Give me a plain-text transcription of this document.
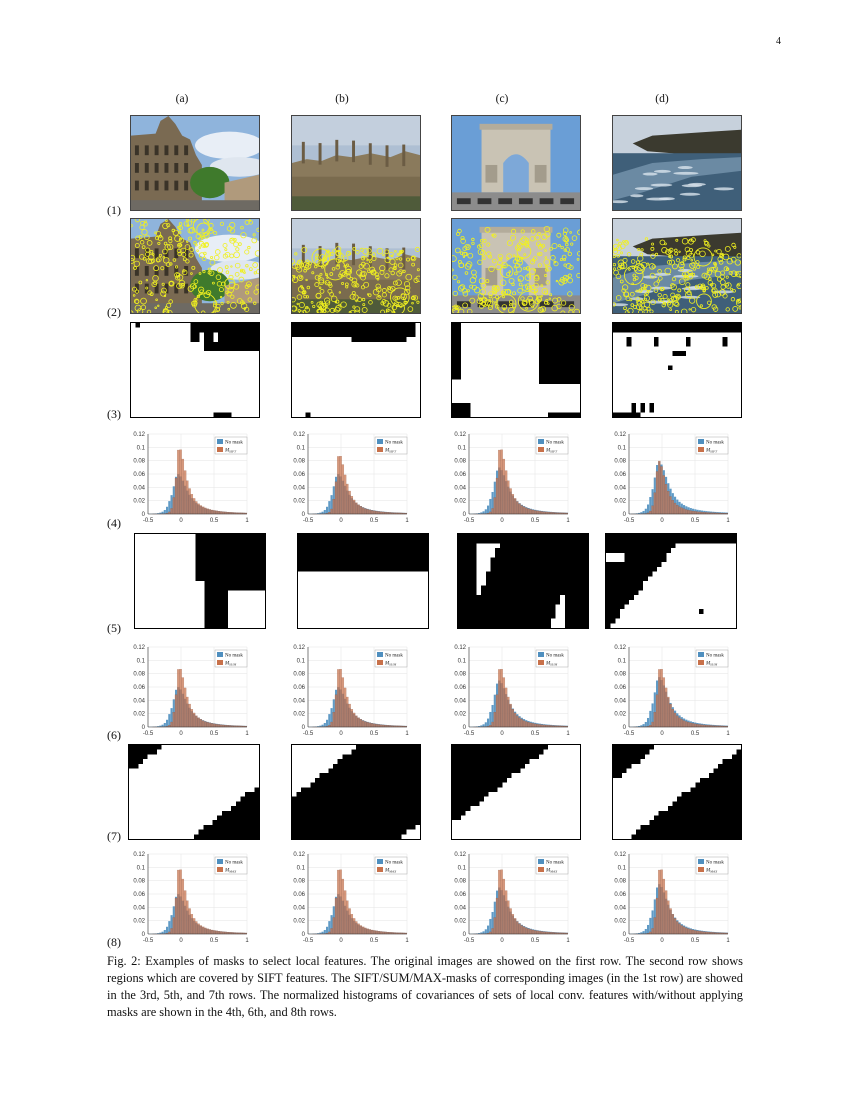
4
(a)	(b)	(c)	(d)
(1)
(2)
(3)
(4)
(5)
(6)
(7)
(8)
0
0.02
0.04
0.06
0.08
0.1
0.12
-0.5	0	0.5	1
No mask
$M_{SIFT}$
0
0.02
0.04
0.06
0.08
0.1
0.12
-0.5	0	0.5	1
No mask
$M_{SIFT}$
0
0.02
0.04
0.06
0.08
0.1
0.12
-0.5	0	0.5	1
No mask
$M_{SIFT}$
0
0.02
0.04
0.06
0.08
0.1
0.12
-0.5	0	0.5	1
No mask
$M_{SIFT}$
0
0.02
0.04
0.06
0.08
0.1
0.12
-0.5	0	0.5	1
No mask
$M_{SUM}$
0
0.02
0.04
0.06
0.08
0.1
0.12
-0.5	0	0.5	1
No mask
$M_{SUM}$
0
0.02
0.04
0.06
0.08
0.1
0.12
-0.5	0	0.5	1
No mask
$M_{SUM}$
0
0.02
0.04
0.06
0.08
0.1
0.12
-0.5	0	0.5	1
No mask
$M_{SUM}$
0
0.02
0.04
0.06
0.08
0.1
0.12
-0.5	0	0.5	1
No mask
$M_{MAX}$
0
0.02
0.04
0.06
0.08
0.1
0.12
-0.5	0	0.5	1
No mask
$M_{MAX}$
0
0.02
0.04
0.06
0.08
0.1
0.12
-0.5	0	0.5	1
No mask
$M_{MAX}$
0
0.02
0.04
0.06
0.08
0.1
0.12
-0.5	0	0.5	1
No mask
$M_{MAX}$
Fig. 2: Examples of masks to select local features. The original images are showed on the first row. The second row shows regions which are covered by SIFT features. The SIFT/SUM/MAX-masks of corresponding images (in the 1st row) are showed in the 3rd, 5th, and 7th rows. The normalized histograms of covariances of sets of local conv. features with/without applying masks are shown in the 4th, 6th, and 8th rows.
